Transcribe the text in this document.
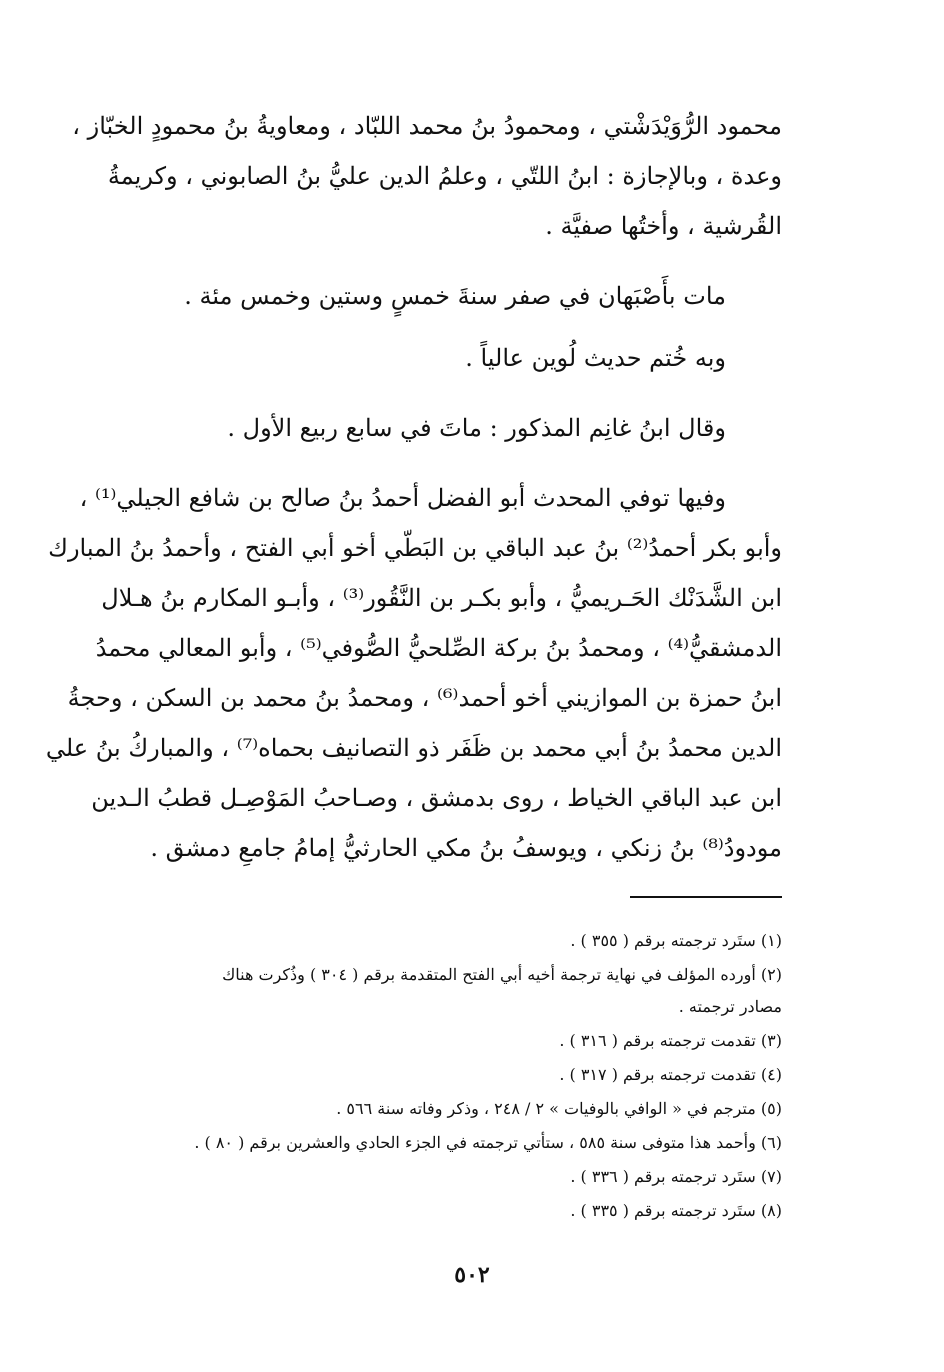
محمود الرُّوَيْدَشْتي ، ومحمودُ بنُ محمد اللبّاد ، ومعاويةُ بنُ محمودٍ الخبّاز ،
وعدة ، وبالإجازة : ابنُ اللتّي ، وعلمُ الدين عليُّ بنُ الصابوني ، وكريمةُ
القُرشية ، وأختُها صفيَّة .
مات بأَصْبَهان في صفر سنةَ خمسٍ وستين وخمس مئة .
وبه خُتم حديث لُوين عالياً .
وقال ابنُ غانِم المذكور : ماتَ في سابع ربيع الأول .
وفيها توفي المحدث أبو الفضل أحمدُ بنُ صالح بن شافع الجيلي⁽¹⁾ ،
وأبو بكر أحمدُ⁽²⁾ بنُ عبد الباقي بن البَطّي أخو أبي الفتح ، وأحمدُ بنُ المبارك
ابن الشَّدَنْك الحَـريميُّ ، وأبو بكـر بن النَّقُور⁽³⁾ ، وأبـو المكارم بنُ هـلال
الدمشقيُّ⁽⁴⁾ ، ومحمدُ بنُ بركة الصِّلحيُّ الصُّوفي⁽⁵⁾ ، وأبو المعالي محمدُ
ابنُ حمزة بن الموازيني أخو أحمد⁽⁶⁾ ، ومحمدُ بنُ محمد بن السكن ، وحجةُ
الدين محمدُ بنُ أبي محمد بن ظَفَر ذو التصانيف بحماه⁽⁷⁾ ، والمباركُ بنُ علي
ابن عبد الباقي الخياط ، روى بدمشق ، وصـاحبُ المَوْصِـل قطبُ الـدين
مودودُ⁽⁸⁾ بنُ زنكي ، ويوسفُ بنُ مكي الحارثيُّ إمامُ جامعِ دمشق .
(١) ستَرد ترجمته برقم ( ٣٥٥ ) .
(٢) أورده المؤلف في نهاية ترجمة أخيه أبي الفتح المتقدمة برقم ( ٣٠٤ ) وذُكرت هناك
مصادر ترجمته .
(٣) تقدمت ترجمته برقم ( ٣١٦ ) .
(٤) تقدمت ترجمته برقم ( ٣١٧ ) .
(٥) مترجم في « الوافي بالوفيات » ٢ / ٢٤٨ ، وذكر وفاته سنة ٥٦٦ .
(٦) وأحمد هذا متوفى سنة ٥٨٥ ، ستأتي ترجمته في الجزء الحادي والعشرين برقم ( ٨٠ ) .
(٧) ستَرد ترجمته برقم ( ٣٣٦ ) .
(٨) ستَرد ترجمته برقم ( ٣٣٥ ) .
٥٠٢
